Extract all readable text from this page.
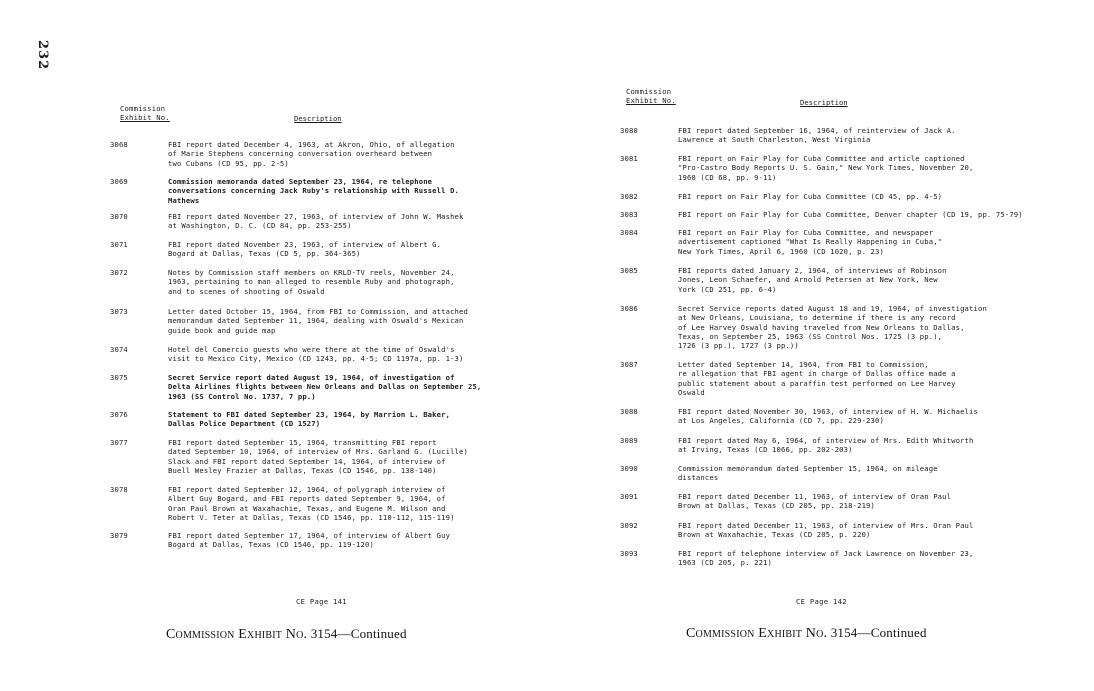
232
Commission
Exhibit No.	Description
3068	FBI report dated December 4, 1963, at Akron, Ohio, of allegation
of Marie Stephens concerning conversation overheard between
two Cubans (CD 95, pp. 2-5)
3069	Commission memoranda dated September 23, 1964, re telephone
conversations concerning Jack Ruby's relationship with Russell D.
Mathews
3070	FBI report dated November 27, 1963, of interview of John W. Mashek
at Washington, D. C. (CD 84, pp. 253-255)
3071	FBI report dated November 23, 1963, of interview of Albert G.
Bogard at Dallas, Texas (CD 5, pp. 364-365)
3072	Notes by Commission staff members on KRLD-TV reels, November 24,
1963, pertaining to man alleged to resemble Ruby and photograph,
and to scenes of shooting of Oswald
3073	Letter dated October 15, 1964, from FBI to Commission, and attached
memorandum dated September 11, 1964, dealing with Oswald's Mexican
guide book and guide map
3074	Hotel del Comercio guests who were there at the time of Oswald's
visit to Mexico City, Mexico (CD 1243, pp. 4-5; CD 1197a, pp. 1-3)
3075	Secret Service report dated August 19, 1964, of investigation of
Delta Airlines flights between New Orleans and Dallas on September 25,
1963 (SS Control No. 1737, 7 pp.)
3076	Statement to FBI dated September 23, 1964, by Marrion L. Baker,
Dallas Police Department (CD 1527)
3077	FBI report dated September 15, 1964, transmitting FBI report
dated September 10, 1964, of interview of Mrs. Garland G. (Lucille)
Slack and FBI report dated September 14, 1964, of interview of
Buell Wesley Frazier at Dallas, Texas (CD 1546, pp. 138-140)
3078	FBI report dated September 12, 1964, of polygraph interview of
Albert Guy Bogard, and FBI reports dated September 9, 1964, of
Oran Paul Brown at Waxahachie, Texas, and Eugene M. Wilson and
Robert V. Teter at Dallas, Texas (CD 1546, pp. 110-112, 115-119)
3079	FBI report dated September 17, 1964, of interview of Albert Guy
Bogard at Dallas, Texas (CD 1546, pp. 119-120)
CE Page 141
Commission Exhibit No. 3154—Continued
Commission
Exhibit No.	Description
3080	FBI report dated September 16, 1964, of reinterview of Jack A.
Lawrence at South Charleston, West Virginia
3081	FBI report on Fair Play for Cuba Committee and article captioned
"Pro-Castro Body Reports U. S. Gain," New York Times, November 20,
1960 (CD 68, pp. 9-11)
3082	FBI report on Fair Play for Cuba Committee (CD 45, pp. 4-5)
3083	FBI report on Fair Play for Cuba Committee, Denver chapter (CD 19, pp. 75-79)
3084	FBI report on Fair Play for Cuba Committee, and newspaper
advertisement captioned "What Is Really Happening in Cuba,"
New York Times, April 6, 1960 (CD 1020, p. 23)
3085	FBI reports dated January 2, 1964, of interviews of Robinson
Jones, Leon Schaefer, and Arnold Petersen at New York, New
York (CD 251, pp. 6-4)
3086	Secret Service reports dated August 18 and 19, 1964, of investigation
at New Orleans, Louisiana, to determine if there is any record
of Lee Harvey Oswald having traveled from New Orleans to Dallas,
Texas, on September 25, 1963 (SS Control Nos. 1725 (3 pp.),
1726 (3 pp.), 1727 (3 pp.))
3087	Letter dated September 14, 1964, from FBI to Commission,
re allegation that FBI agent in charge of Dallas office made a
public statement about a paraffin test performed on Lee Harvey
Oswald
3088	FBI report dated November 30, 1963, of interview of H. W. Michaelis
at Los Angeles, California (CD 7, pp. 229-230)
3089	FBI report dated May 6, 1964, of interview of Mrs. Edith Whitworth
at Irving, Texas (CD 1066, pp. 202-203)
3090	Commission memorandum dated September 15, 1964, on mileage
distances
3091	FBI report dated December 11, 1963, of interview of Oran Paul
Brown at Dallas, Texas (CD 205, pp. 218-219)
3092	FBI report dated December 11, 1963, of interview of Mrs. Oran Paul
Brown at Waxahachie, Texas (CD 205, p. 220)
3093	FBI report of telephone interview of Jack Lawrence on November 23,
1963 (CD 205, p. 221)
CE Page 142
Commission Exhibit No. 3154—Continued
